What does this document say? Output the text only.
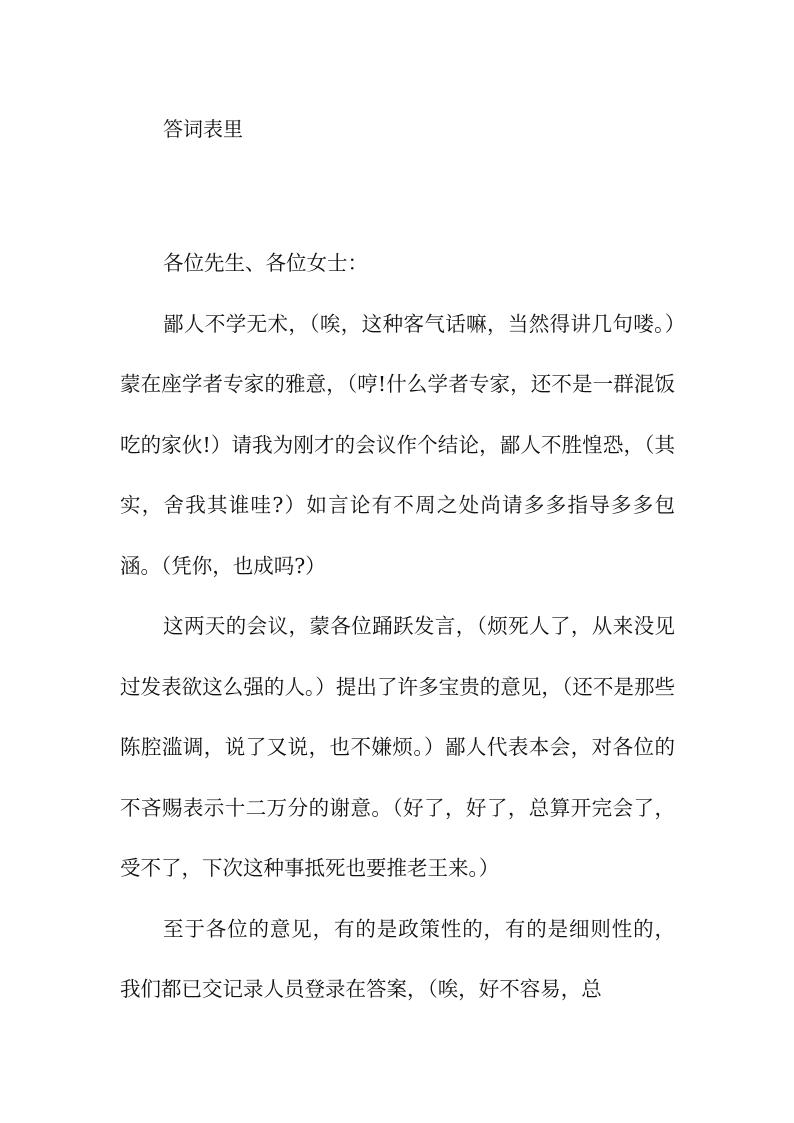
答词表里

各位先生、各位女士：

鄙人不学无术，（唉，这种客气话嘛，当然得讲几句喽。）蒙在座学者专家的雅意，（哼!什么学者专家，还不是一群混饭吃的家伙!）请我为刚才的会议作个结论，鄙人不胜惶恐，（其实，舍我其谁哇?）如言论有不周之处尚请多多指导多多包涵。（凭你，也成吗?）

这两天的会议，蒙各位踊跃发言，（烦死人了，从来没见过发表欲这么强的人。）提出了许多宝贵的意见，（还不是那些陈腔滥调，说了又说，也不嫌烦。）鄙人代表本会，对各位的不吝赐表示十二万分的谢意。（好了，好了，总算开完会了，受不了，下次这种事抵死也要推老王来。）

至于各位的意见，有的是政策性的，有的是细则性的，我们都已交记录人员登录在答案，（唉，好不容易，总
